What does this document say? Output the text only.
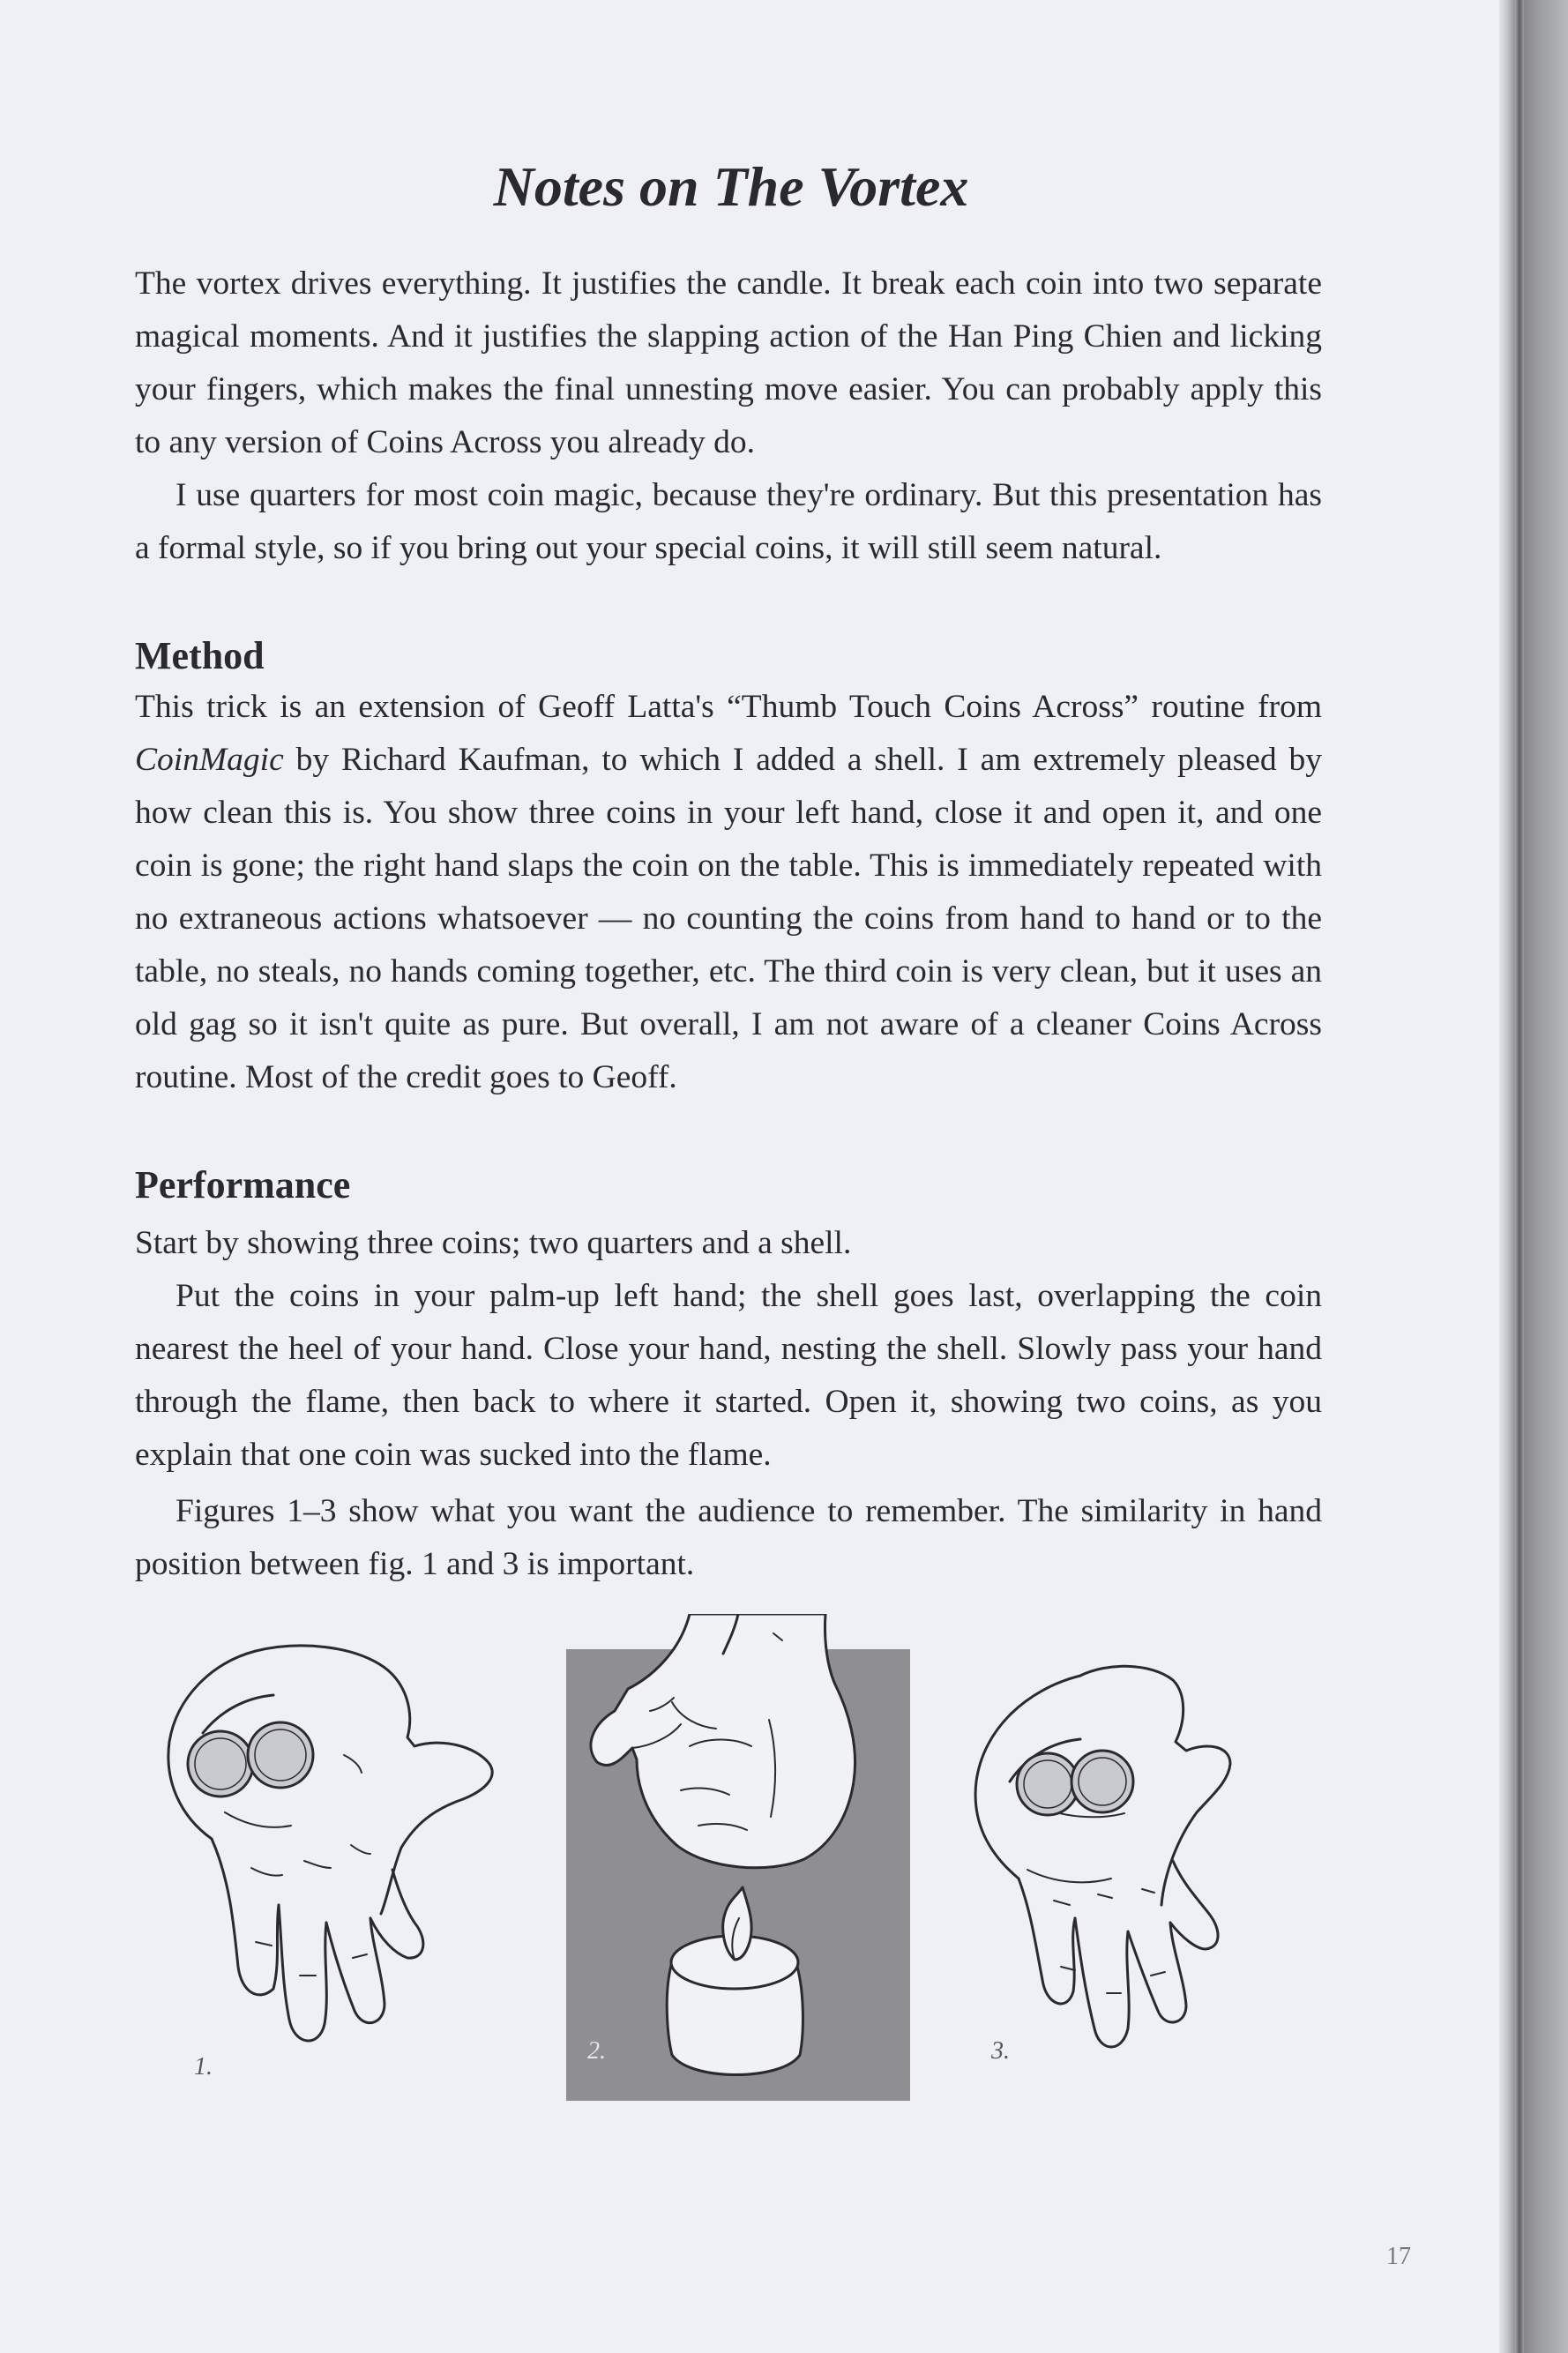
Notes on The Vortex

The vortex drives everything. It justifies the candle. It break each coin into two separate magical moments. And it justifies the slapping action of the Han Ping Chien and licking your fingers, which makes the final unnesting move easier. You can probably apply this to any version of Coins Across you already do.

I use quarters for most coin magic, because they're ordinary. But this presentation has a formal style, so if you bring out your special coins, it will still seem natural.

Method

This trick is an extension of Geoff Latta's “Thumb Touch Coins Across” routine from CoinMagic by Richard Kaufman, to which I added a shell. I am extremely pleased by how clean this is. You show three coins in your left hand, close it and open it, and one coin is gone; the right hand slaps the coin on the table. This is immediately repeated with no extraneous actions whatsoever — no counting the coins from hand to hand or to the table, no steals, no hands coming together, etc. The third coin is very clean, but it uses an old gag so it isn't quite as pure. But overall, I am not aware of a cleaner Coins Across routine. Most of the credit goes to Geoff.

Performance

Start by showing three coins; two quarters and a shell.

Put the coins in your palm-up left hand; the shell goes last, overlapping the coin nearest the heel of your hand. Close your hand, nesting the shell. Slowly pass your hand through the flame, then back to where it started. Open it, showing two coins, as you explain that one coin was sucked into the flame.

Figures 1–3 show what you want the audience to remember. The similarity in hand position between fig. 1 and 3 is important.

1.
2.	3.
17
